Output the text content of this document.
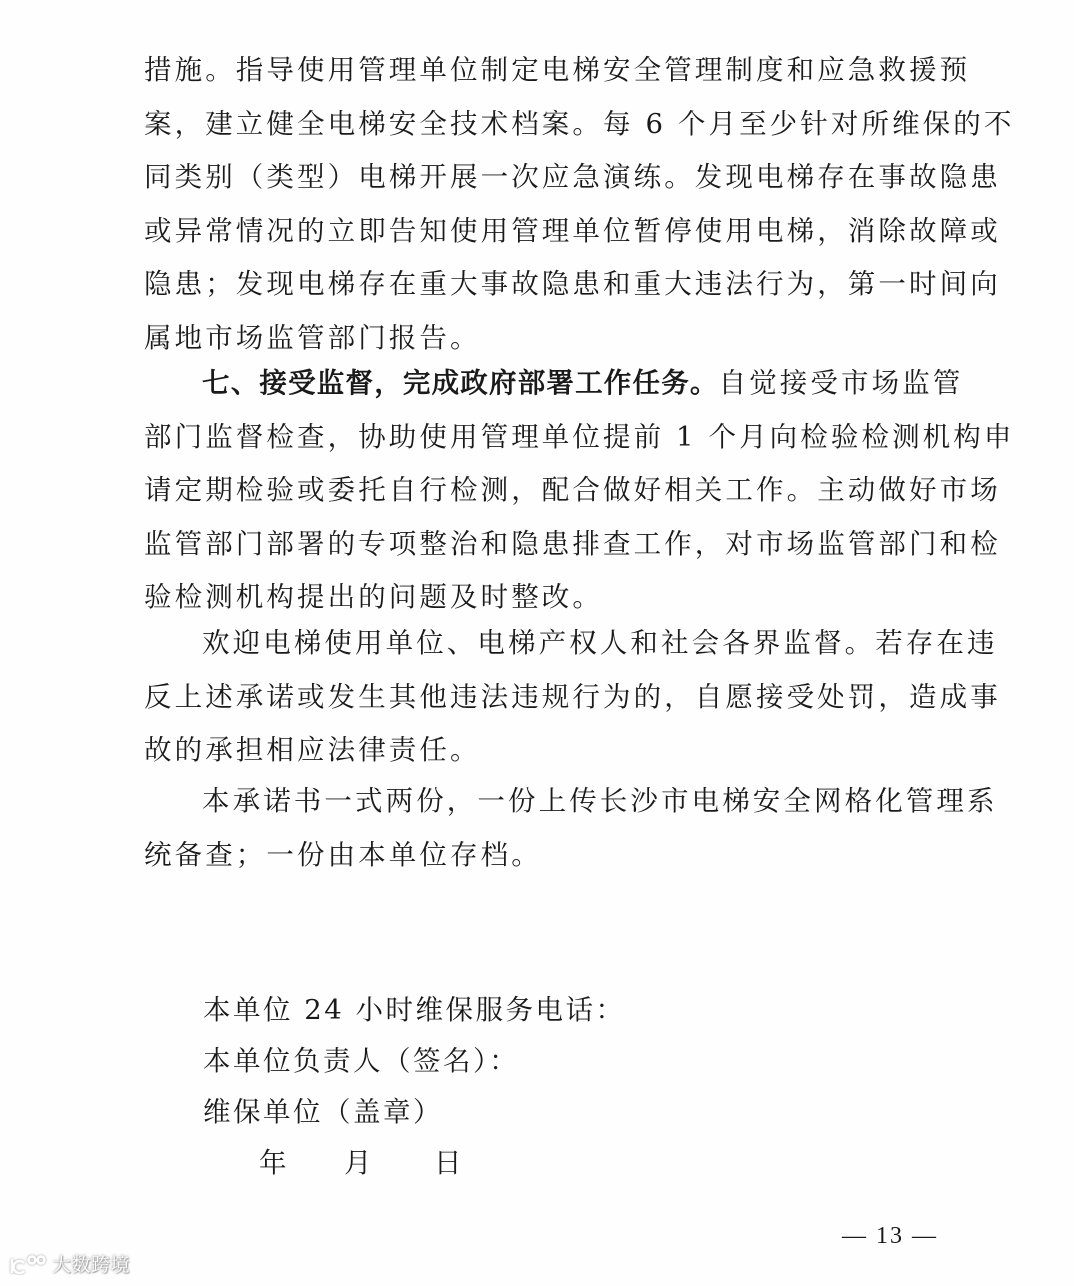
措施。指导使用管理单位制定电梯安全管理制度和应急救援预
案，建立健全电梯安全技术档案。每 6 个月至少针对所维保的不
同类别（类型）电梯开展一次应急演练。发现电梯存在事故隐患
或异常情况的立即告知使用管理单位暂停使用电梯，消除故障或
隐患；发现电梯存在重大事故隐患和重大违法行为，第一时间向
属地市场监管部门报告。
七、接受监督，完成政府部署工作任务。自觉接受市场监管
部门监督检查，协助使用管理单位提前 1 个月向检验检测机构申
请定期检验或委托自行检测，配合做好相关工作。主动做好市场
监管部门部署的专项整治和隐患排查工作，对市场监管部门和检
验检测机构提出的问题及时整改。
欢迎电梯使用单位、电梯产权人和社会各界监督。若存在违
反上述承诺或发生其他违法违规行为的，自愿接受处罚，造成事
故的承担相应法律责任。
本承诺书一式两份，一份上传长沙市电梯安全网格化管理系
统备查；一份由本单位存档。
本单位 24 小时维保服务电话：
本单位负责人（签名）：
维保单位（盖章）
年	月	日
— 13 —
大数跨境
